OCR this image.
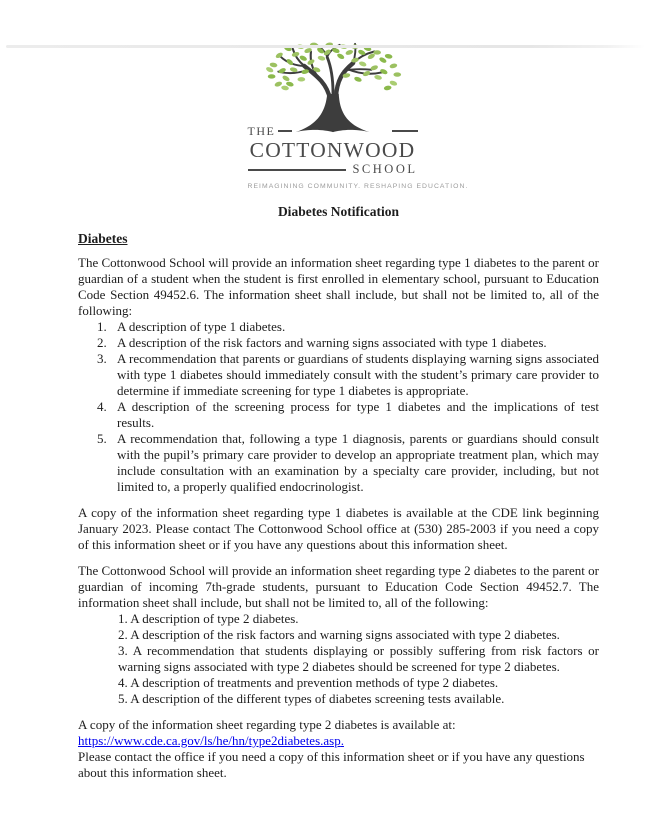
THE
COTTONWOOD
SCHOOL
REIMAGINING COMMUNITY. RESHAPING EDUCATION.
Diabetes Notification
Diabetes

The Cottonwood School will provide an information sheet regarding type 1 diabetes to the parent or guardian of a student when the student is first enrolled in elementary school, pursuant to Education Code Section 49452.6. The information sheet shall include, but shall not be limited to, all of the following:

1. A description of type 1 diabetes.
2. A description of the risk factors and warning signs associated with type 1 diabetes.
3. A recommendation that parents or guardians of students displaying warning signs associated with type 1 diabetes should immediately consult with the student’s primary care provider to determine if immediate screening for type 1 diabetes is appropriate.
4. A description of the screening process for type 1 diabetes and the implications of test results.
5. A recommendation that, following a type 1 diagnosis, parents or guardians should consult with the pupil’s primary care provider to develop an appropriate treatment plan, which may include consultation with an examination by a specialty care provider, including, but not limited to, a properly qualified endocrinologist.

A copy of the information sheet regarding type 1 diabetes is available at the CDE link beginning January 2023. Please contact The Cottonwood School office at (530) 285-2003 if you need a copy of this information sheet or if you have any questions about this information sheet.

The Cottonwood School will provide an information sheet regarding type 2 diabetes to the parent or guardian of incoming 7th-grade students, pursuant to Education Code Section 49452.7. The information sheet shall include, but shall not be limited to, all of the following:

1. A description of type 2 diabetes.
2. A description of the risk factors and warning signs associated with type 2 diabetes.
3. A recommendation that students displaying or possibly suffering from risk factors or warning signs associated with type 2 diabetes should be screened for type 2 diabetes.
4. A description of treatments and prevention methods of type 2 diabetes.
5. A description of the different types of diabetes screening tests available.

A copy of the information sheet regarding type 2 diabetes is available at:

https://www.cde.ca.gov/ls/he/hn/type2diabetes.asp.

Please contact the office if you need a copy of this information sheet or if you have any questions about this information sheet.
